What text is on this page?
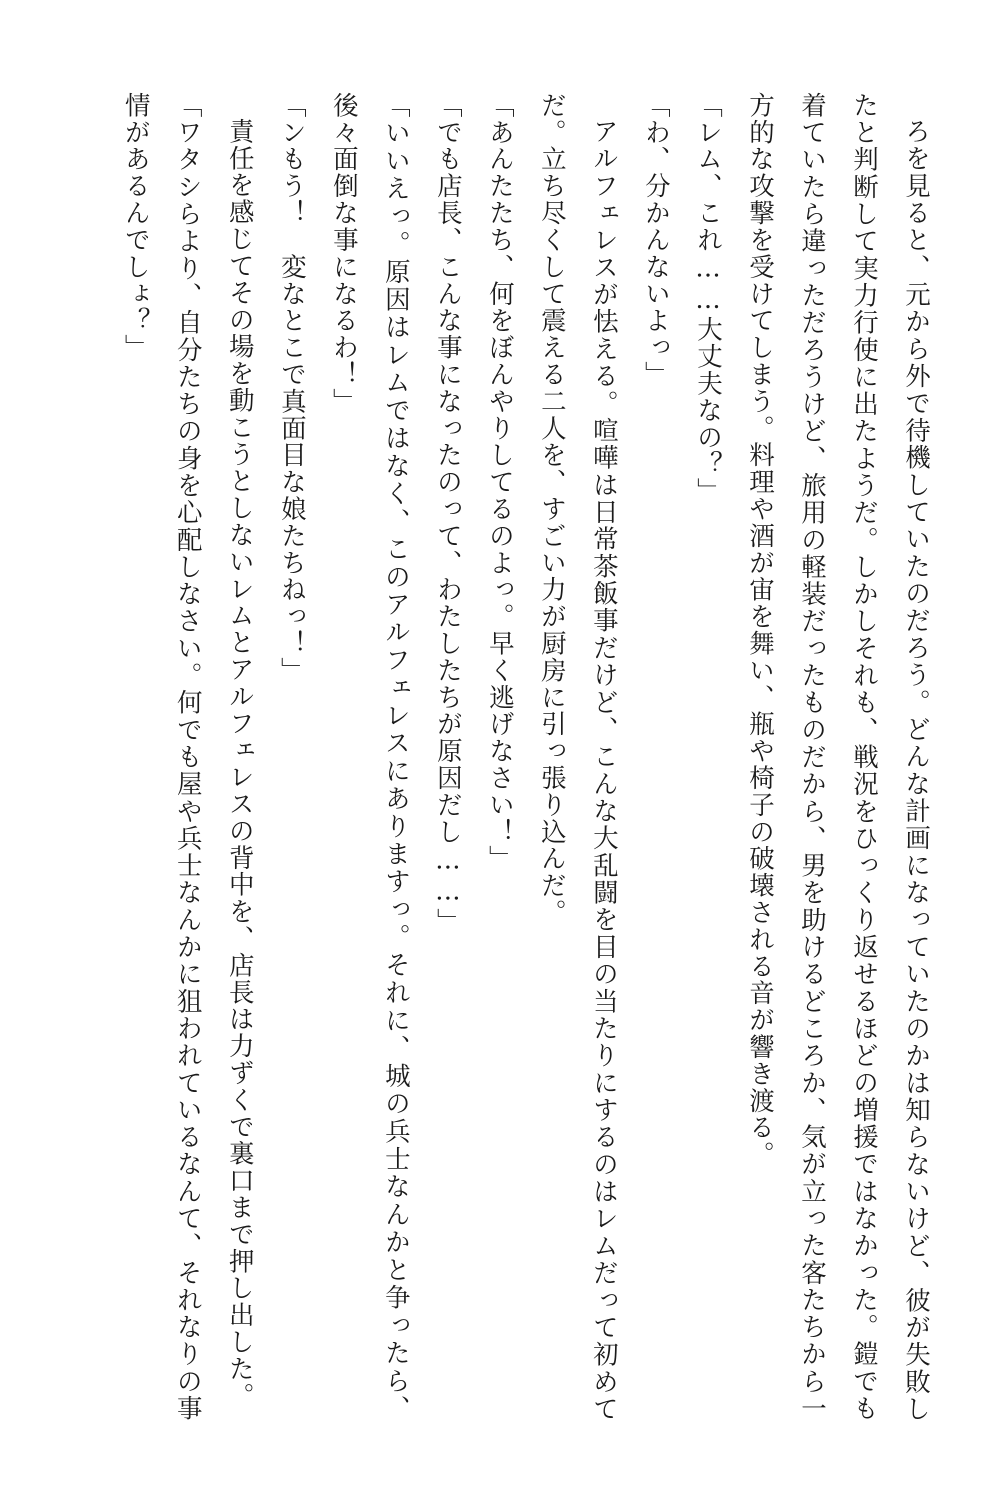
ろを見ると、元から外で待機していたのだろう。どんな計画になっていたのかは知らないけど、彼が失敗したと判断して実力行使に出たようだ。しかしそれも、戦況をひっくり返せるほどの増援ではなかった。鎧でも着ていたら違っただろうけど、旅用の軽装だったものだから、男を助けるどころか、気が立った客たちから一方的な攻撃を受けてしまう。料理や酒が宙を舞い、瓶や椅子の破壊される音が響き渡る。

「レム、これ……大丈夫なの？」

「わ、分かんないよっ」

アルフェレスが怯える。喧嘩は日常茶飯事だけど、こんな大乱闘を目の当たりにするのはレムだって初めてだ。立ち尽くして震える二人を、すごい力が厨房に引っ張り込んだ。

「あんたたち、何をぼんやりしてるのよっ。早く逃げなさい！」

「でも店長、こんな事になったのって、わたしたちが原因だし……」

「いいえっ。原因はレムではなく、このアルフェレスにありますっ。それに、城の兵士なんかと争ったら、後々面倒な事になるわ！」

「ンもう！　変なとこで真面目な娘たちねっ！」

責任を感じてその場を動こうとしないレムとアルフェレスの背中を、店長は力ずくで裏口まで押し出した。

「ワタシらより、自分たちの身を心配しなさい。何でも屋や兵士なんかに狙われているなんて、それなりの事情があるんでしょ？」
